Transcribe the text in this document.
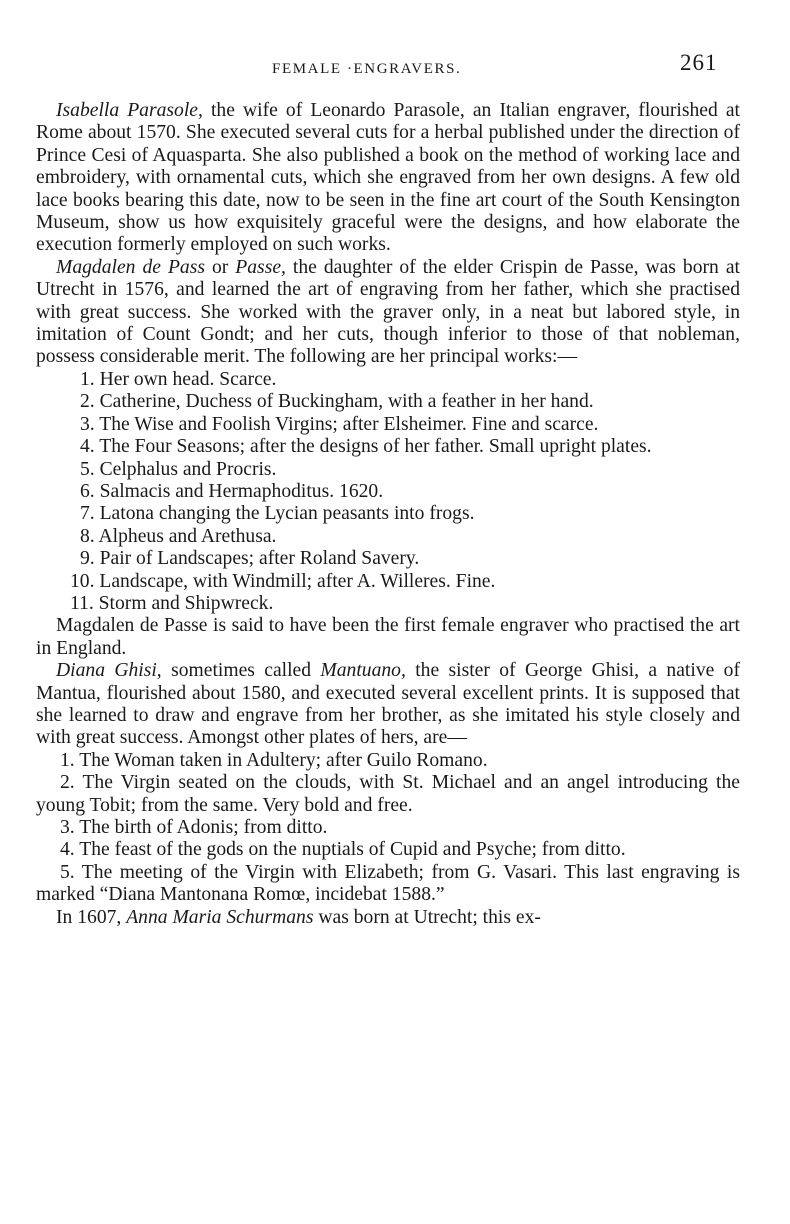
FEMALE ·ENGRAVERS.	261

Isabella Parasole, the wife of Leonardo Parasole, an Italian engraver, flourished at Rome about 1570. She executed several cuts for a herbal published under the direction of Prince Cesi of Aquasparta. She also published a book on the method of working lace and embroidery, with ornamental cuts, which she engraved from her own designs. A few old lace books bearing this date, now to be seen in the fine art court of the South Kensington Museum, show us how exquisitely graceful were the designs, and how elaborate the execution formerly employed on such works.

Magdalen de Pass or Passe, the daughter of the elder Crispin de Passe, was born at Utrecht in 1576, and learned the art of engraving from her father, which she practised with great success. She worked with the graver only, in a neat but labored style, in imitation of Count Gondt; and her cuts, though inferior to those of that nobleman, possess considerable merit. The following are her principal works:—

1. Her own head. Scarce.

2. Catherine, Duchess of Buckingham, with a feather in her hand.

3. The Wise and Foolish Virgins; after Elsheimer. Fine and scarce.

4. The Four Seasons; after the designs of her father. Small upright plates.

5. Celphalus and Procris.

6. Salmacis and Hermaphoditus. 1620.

7. Latona changing the Lycian peasants into frogs.

8. Alpheus and Arethusa.

9. Pair of Landscapes; after Roland Savery.

10. Landscape, with Windmill; after A. Willeres. Fine.

11. Storm and Shipwreck.

Magdalen de Passe is said to have been the first female engraver who practised the art in England.

Diana Ghisi, sometimes called Mantuano, the sister of George Ghisi, a native of Mantua, flourished about 1580, and executed several excellent prints. It is supposed that she learned to draw and engrave from her brother, as she imitated his style closely and with great success. Amongst other plates of hers, are—

1. The Woman taken in Adultery; after Guilo Romano.

2. The Virgin seated on the clouds, with St. Michael and an angel introducing the young Tobit; from the same. Very bold and free.

3. The birth of Adonis; from ditto.

4. The feast of the gods on the nuptials of Cupid and Psyche; from ditto.

5. The meeting of the Virgin with Elizabeth; from G. Vasari. This last engraving is marked “Diana Mantonana Romœ, incidebat 1588.”

In 1607, Anna Maria Schurmans was born at Utrecht; this ex-
